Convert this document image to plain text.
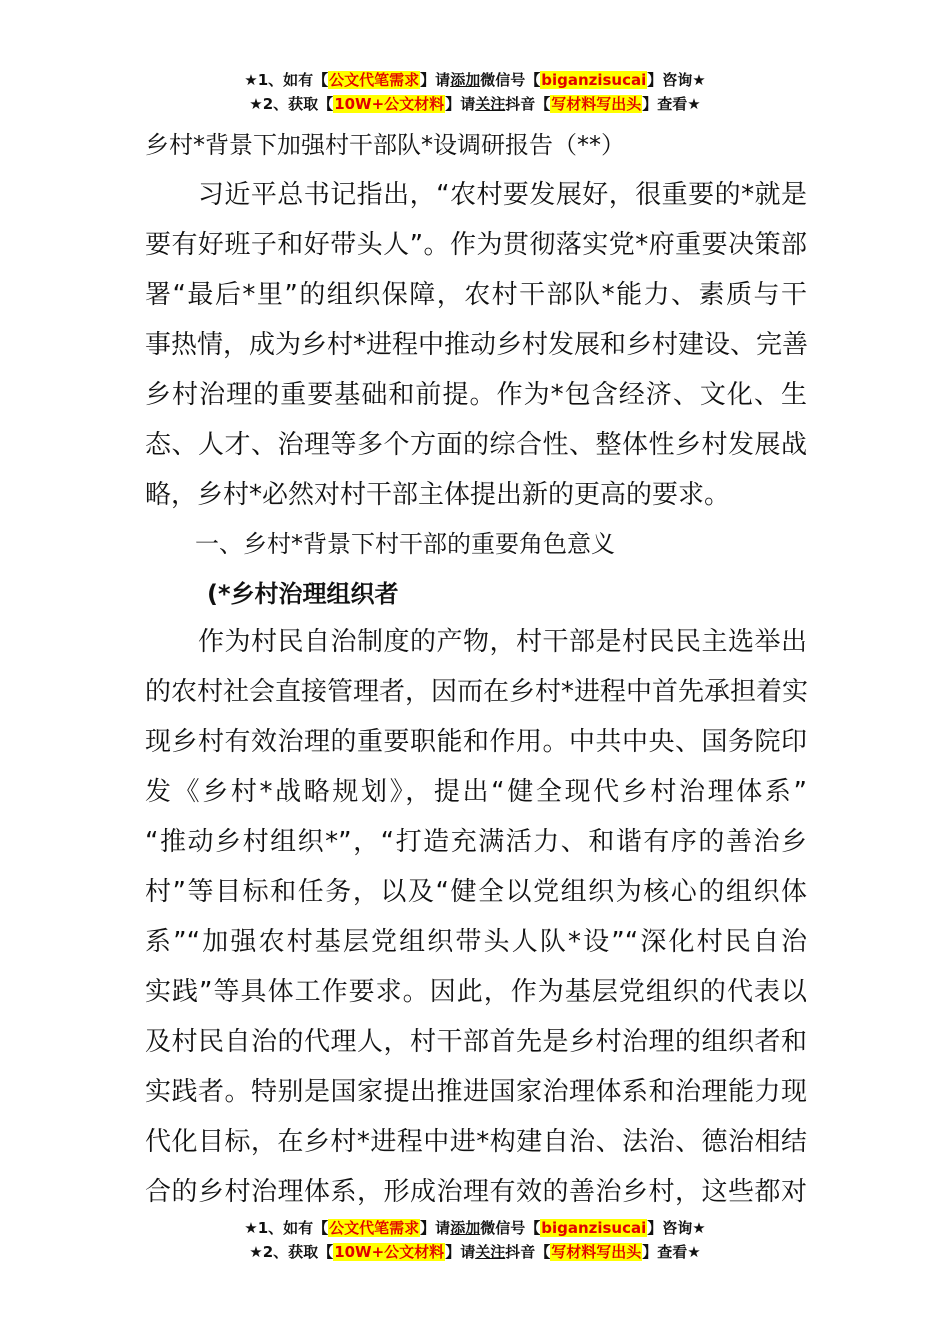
★1、如有【公文代笔需求】请添加微信号【biganzisucai】咨询★
★2、获取【10W+公文材料】请关注抖音【写材料写出头】查看★
乡村*背景下加强村干部队*设调研报告（**）
　　习近平总书记指出，“农村要发展好，很重要的*就是
要有好班子和好带头人”。作为贯彻落实党*府重要决策部
署“最后*里”的组织保障，农村干部队*能力、素质与干
事热情，成为乡村*进程中推动乡村发展和乡村建设、完善
乡村治理的重要基础和前提。作为*包含经济、文化、生
态、人才、治理等多个方面的综合性、整体性乡村发展战
略，乡村*必然对村干部主体提出新的更高的要求。
一、乡村*背景下村干部的重要角色意义
(*乡村治理组织者
　　作为村民自治制度的产物，村干部是村民民主选举出
的农村社会直接管理者，因而在乡村*进程中首先承担着实
现乡村有效治理的重要职能和作用。中共中央、国务院印
发《乡村*战略规划》，提出“健全现代乡村治理体系”
“推动乡村组织*”，“打造充满活力、和谐有序的善治乡
村”等目标和任务，以及“健全以党组织为核心的组织体
系”“加强农村基层党组织带头人队*设”“深化村民自治
实践”等具体工作要求。因此，作为基层党组织的代表以
及村民自治的代理人，村干部首先是乡村治理的组织者和
实践者。特别是国家提出推进国家治理体系和治理能力现
代化目标，在乡村*进程中进*构建自治、法治、德治相结
合的乡村治理体系，形成治理有效的善治乡村，这些都对
★1、如有【公文代笔需求】请添加微信号【biganzisucai】咨询★
★2、获取【10W+公文材料】请关注抖音【写材料写出头】查看★
